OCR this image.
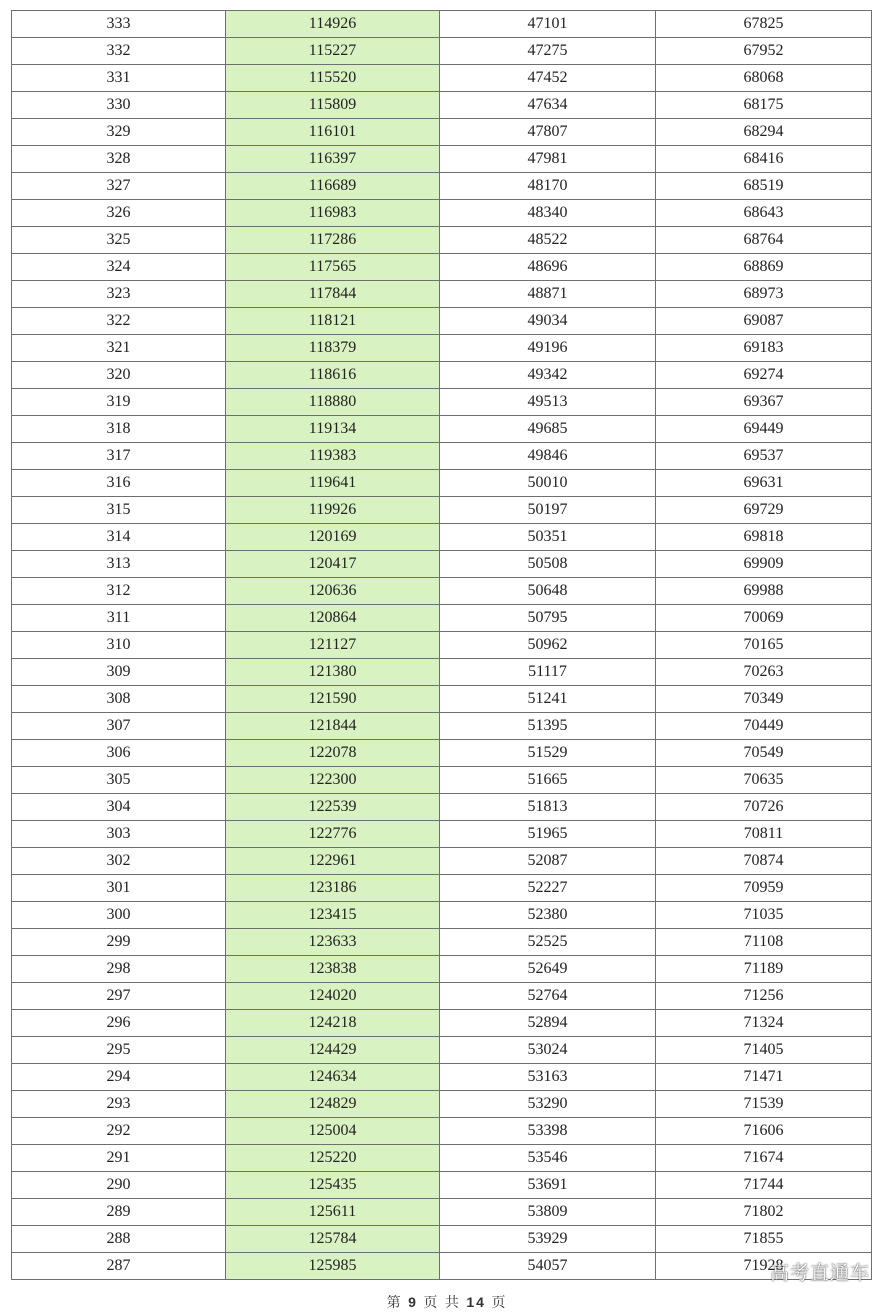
333	114926	47101	67825
332	115227	47275	67952
331	115520	47452	68068
330	115809	47634	68175
329	116101	47807	68294
328	116397	47981	68416
327	116689	48170	68519
326	116983	48340	68643
325	117286	48522	68764
324	117565	48696	68869
323	117844	48871	68973
322	118121	49034	69087
321	118379	49196	69183
320	118616	49342	69274
319	118880	49513	69367
318	119134	49685	69449
317	119383	49846	69537
316	119641	50010	69631
315	119926	50197	69729
314	120169	50351	69818
313	120417	50508	69909
312	120636	50648	69988
311	120864	50795	70069
310	121127	50962	70165
309	121380	51117	70263
308	121590	51241	70349
307	121844	51395	70449
306	122078	51529	70549
305	122300	51665	70635
304	122539	51813	70726
303	122776	51965	70811
302	122961	52087	70874
301	123186	52227	70959
300	123415	52380	71035
299	123633	52525	71108
298	123838	52649	71189
297	124020	52764	71256
296	124218	52894	71324
295	124429	53024	71405
294	124634	53163	71471
293	124829	53290	71539
292	125004	53398	71606
291	125220	53546	71674
290	125435	53691	71744
289	125611	53809	71802
288	125784	53929	71855
287	125985	54057	71928
第 9 页 共 14 页
高考直通车
